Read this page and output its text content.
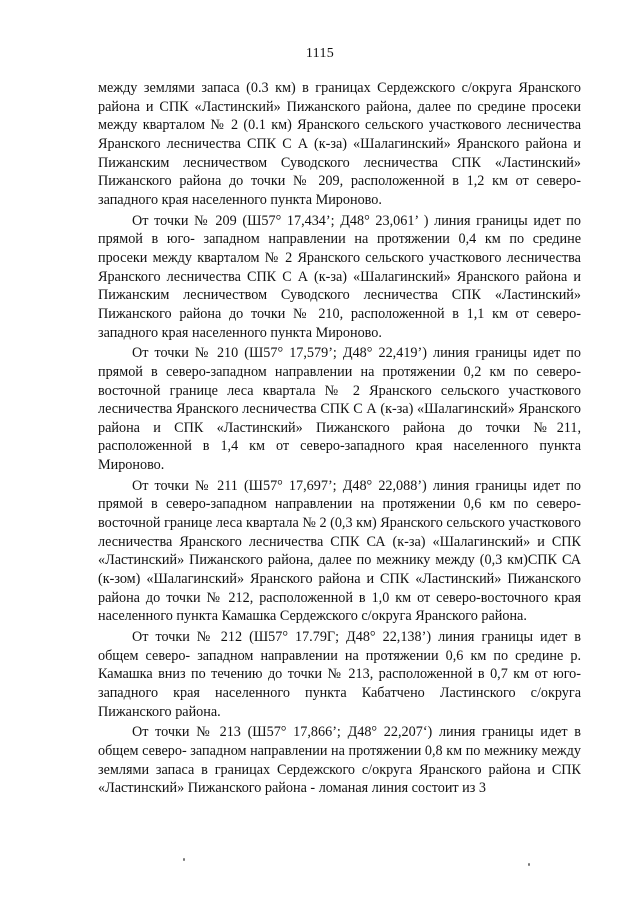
1115

между землями запаса (0.3 км) в границах Сердежского с/округа Яранского района и СПК «Ластинский» Пижанского района, далее по средине просеки между кварталом № 2 (0.1 км) Яранского сельского участкового лесничества Яранского лесничества СПК С А (к-за) «Шалагинский» Яранского района и Пижанским лесничеством Суводского лесничества СПК «Ластинский» Пижанского района до точки № 209, расположенной в 1,2 км от северо-западного края населенного пункта Мироново.

От точки № 209 (Ш57° 17,434’; Д48° 23,061’ ) линия границы идет по прямой в юго- западном направлении на протяжении 0,4 км по средине просеки между кварталом № 2 Яранского сельского участкового лесничества Яранского лесничества СПК С А (к-за) «Шалагинский» Яранского района и Пижанским лесничеством Суводского лесничества СПК «Ластинский» Пижанского района до точки № 210, расположенной в 1,1 км от северо-западного края населенного пункта Мироново.

От точки № 210 (Ш57° 17,579’; Д48° 22,419’) линия границы идет по прямой в северо-западном направлении на протяжении 0,2 км по северо-восточной границе леса квартала № 2 Яранского сельского участкового лесничества Яранского лесничества СПК С А (к-за) «Шалагинский» Яранского района и СПК «Ластинский» Пижанского района до точки №211, расположенной в 1,4 км от северо-западного края населенного пункта Мироново.

От точки № 211 (Ш57° 17,697’; Д48° 22,088’) линия границы идет по прямой в северо-западном направлении на протяжении 0,6 км по северо-восточной границе леса квартала № 2 (0,3 км) Яранского сельского участкового лесничества Яранского лесничества СПК СА (к-за) «Шалагинский» и СПК «Ластинский» Пижанского района, далее по межнику между (0,3 км)СПК СА (к-зом) «Шалагинский» Яранского района и СПК «Ластинский» Пижанского района до точки № 212, расположенной в 1,0 км от северо-восточного края населенного пункта Камашка Сердежского с/округа Яранского района.

От точки № 212 (Ш57° 17.79Г; Д48° 22,138’) линия границы идет в общем северо- западном направлении на протяжении 0,6 км по средине р. Камашка вниз по течению до точки № 213, расположенной в 0,7 км от юго-западного края населенного пункта Кабатчено Ластинского с/округа Пижанского района.

От точки № 213 (Ш57° 17,866’; Д48° 22,207‘) линия границы идет в общем северо- западном направлении на протяжении 0,8 км по межнику между землями запаса в границах Сердежского с/округа Яранского района и СПК «Ластинский» Пижанского района - ломаная линия состоит из 3
